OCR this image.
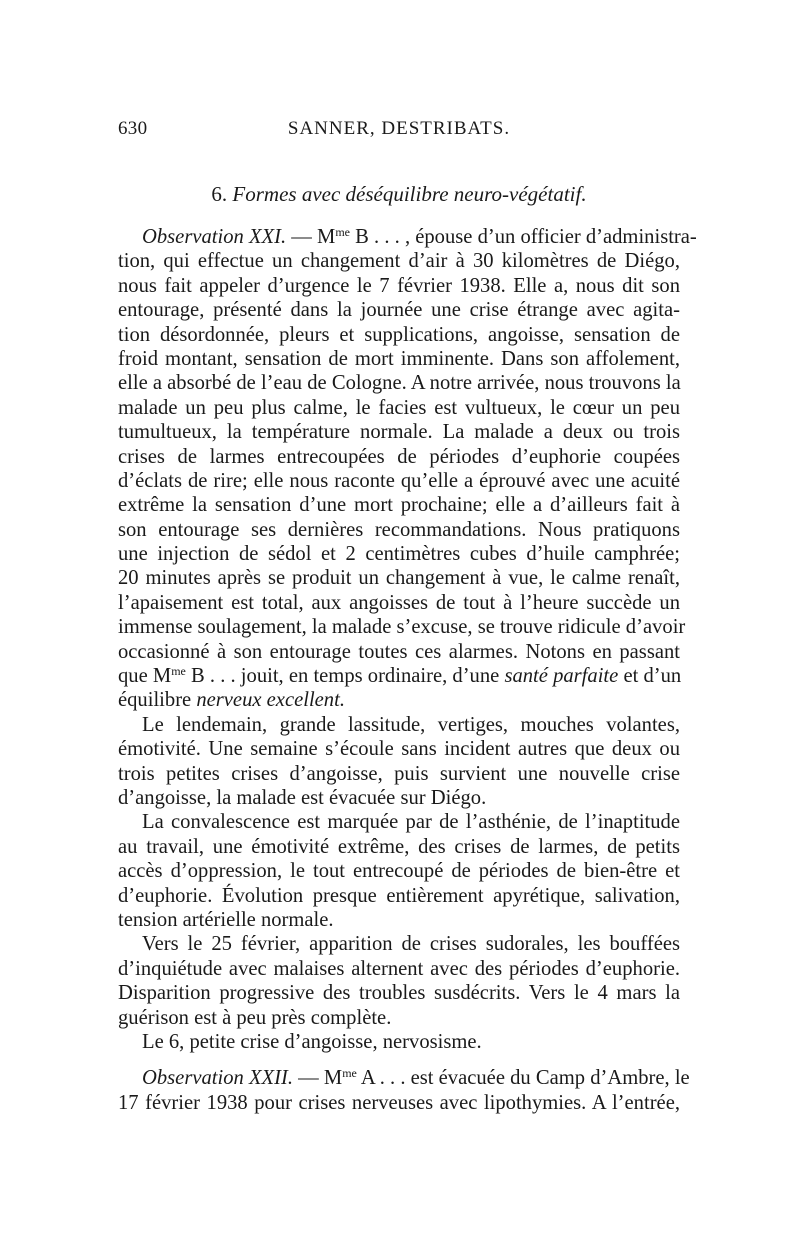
630	SANNER, DESTRIBATS.
6. Formes avec déséquilibre neuro-végétatif.
Observation XXI. — $M^{me}$ B . . . , épouse d’un officier d’administra-
tion, qui effectue un changement d’air à 30 kilomètres de Diégo,
nous fait appeler d’urgence le 7 février 1938. Elle a, nous dit son
entourage, présenté dans la journée une crise étrange avec agita-
tion désordonnée, pleurs et supplications, angoisse, sensation de
froid montant, sensation de mort imminente. Dans son affolement,
elle a absorbé de l’eau de Cologne. A notre arrivée, nous trouvons la
malade un peu plus calme, le facies est vultueux, le cœur un peu
tumultueux, la température normale. La malade a deux ou trois
crises de larmes entrecoupées de périodes d’euphorie coupées
d’éclats de rire; elle nous raconte qu’elle a éprouvé avec une acuité
extrême la sensation d’une mort prochaine; elle a d’ailleurs fait à
son entourage ses dernières recommandations. Nous pratiquons
une injection de sédol et 2 centimètres cubes d’huile camphrée;
20 minutes après se produit un changement à vue, le calme renaît,
l’apaisement est total, aux angoisses de tout à l’heure succède un
immense soulagement, la malade s’excuse, se trouve ridicule d’avoir
occasionné à son entourage toutes ces alarmes. Notons en passant
que $M^{me}$ B . . . jouit, en temps ordinaire, d’une santé parfaite et d’un
équilibre nerveux excellent.
Le lendemain, grande lassitude, vertiges, mouches volantes,
émotivité. Une semaine s’écoule sans incident autres que deux ou
trois petites crises d’angoisse, puis survient une nouvelle crise
d’angoisse, la malade est évacuée sur Diégo.
La convalescence est marquée par de l’asthénie, de l’inaptitude
au travail, une émotivité extrême, des crises de larmes, de petits
accès d’oppression, le tout entrecoupé de périodes de bien-être et
d’euphorie. Évolution presque entièrement apyrétique, salivation,
tension artérielle normale.
Vers le 25 février, apparition de crises sudorales, les bouffées
d’inquiétude avec malaises alternent avec des périodes d’euphorie.
Disparition progressive des troubles susdécrits. Vers le 4 mars la
guérison est à peu près complète.
Le 6, petite crise d’angoisse, nervosisme.
Observation XXII. — $M^{me}$ A . . . est évacuée du Camp d’Ambre, le
17 février 1938 pour crises nerveuses avec lipothymies. A l’entrée,
